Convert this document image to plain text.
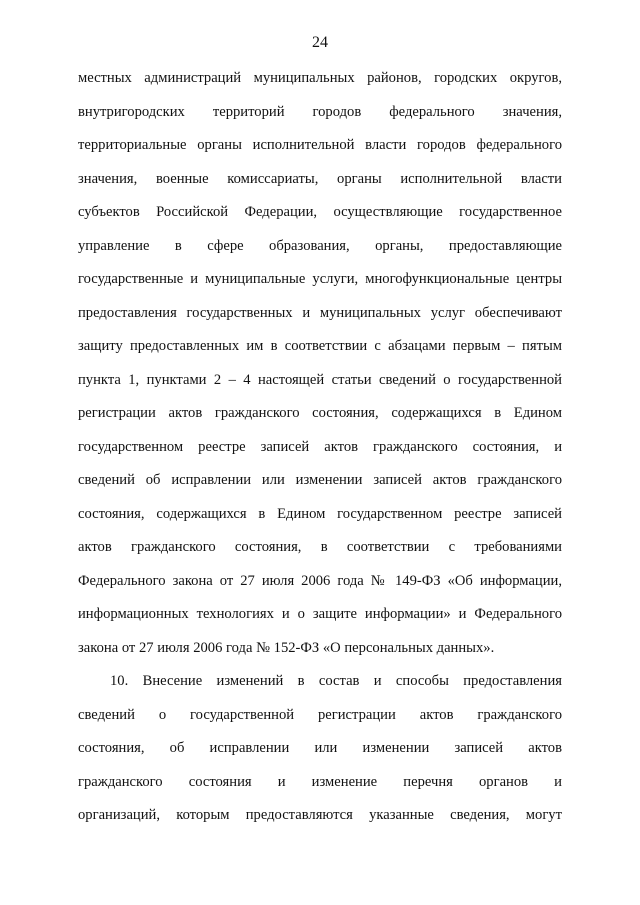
24
местных администраций муниципальных районов, городских округов,
внутригородских территорий городов федерального значения,
территориальные органы исполнительной власти городов федерального
значения, военные комиссариаты, органы исполнительной власти
субъектов Российской Федерации, осуществляющие государственное
управление в сфере образования, органы, предоставляющие
государственные и муниципальные услуги, многофункциональные центры
предоставления государственных и муниципальных услуг обеспечивают
защиту предоставленных им в соответствии с абзацами первым – пятым
пункта 1, пунктами 2 – 4 настоящей статьи сведений о государственной
регистрации актов гражданского состояния, содержащихся в Едином
государственном реестре записей актов гражданского состояния, и
сведений об исправлении или изменении записей актов гражданского
состояния, содержащихся в Едином государственном реестре записей
актов гражданского состояния, в соответствии с требованиями
Федерального закона от 27 июля 2006 года № 149-ФЗ «Об информации,
информационных технологиях и о защите информации» и Федерального
закона от 27 июля 2006 года № 152-ФЗ «О персональных данных».
10. Внесение изменений в состав и способы предоставления
сведений о государственной регистрации актов гражданского
состояния, об исправлении или изменении записей актов
гражданского состояния и изменение перечня органов и
организаций, которым предоставляются указанные сведения, могут
